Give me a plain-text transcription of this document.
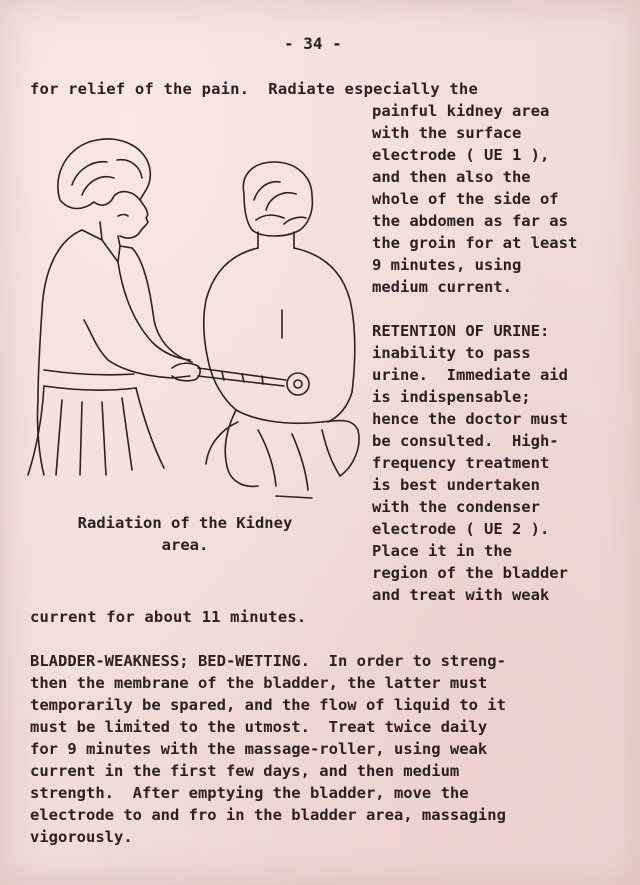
- 34 -
for relief of the pain.  Radiate especially the
painful kidney area
with the surface
electrode ( UE 1 ),
and then also the
whole of the side of
the abdomen as far as
the groin for at least
9 minutes, using
medium current.
RETENTION OF URINE:
inability to pass
urine.  Immediate aid
is indispensable;
hence the doctor must
be consulted.  High-
frequency treatment
is best undertaken
with the condenser
electrode ( UE 2 ).
Place it in the
region of the bladder
and treat with weak
Radiation of the Kidney
area.
current for about 11 minutes.
BLADDER-WEAKNESS; BED-WETTING.  In order to streng-
then the membrane of the bladder, the latter must
temporarily be spared, and the flow of liquid to it
must be limited to the utmost.  Treat twice daily
for 9 minutes with the massage-roller, using weak
current in the first few days, and then medium
strength.  After emptying the bladder, move the
electrode to and fro in the bladder area, massaging
vigorously.
